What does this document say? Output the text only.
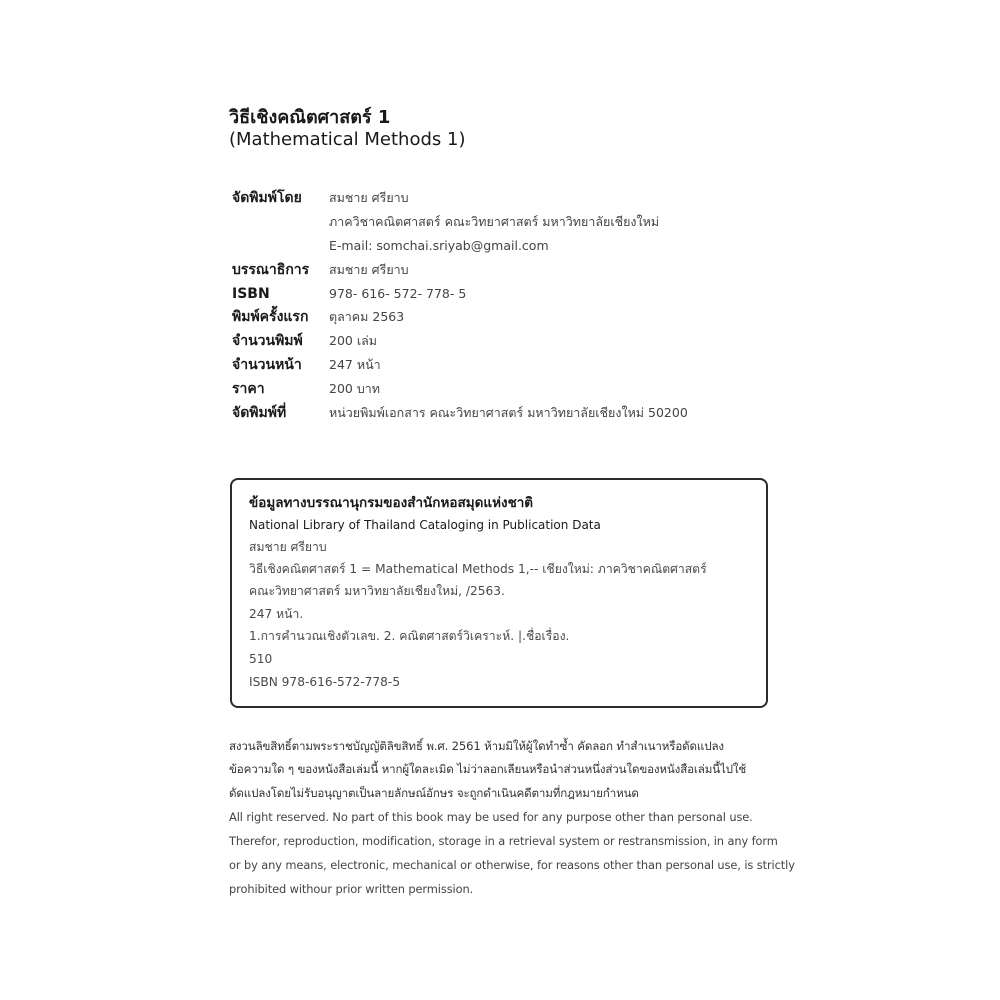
วิธีเชิงคณิตศาสตร์ 1
(Mathematical Methods 1)
จัดพิมพ์โดย	สมชาย ศรียาบ
ภาควิชาคณิตศาสตร์ คณะวิทยาศาสตร์ มหาวิทยาลัยเชียงใหม่
E-mail: somchai.sriyab@gmail.com
บรรณาธิการ	สมชาย ศรียาบ
ISBN	978- 616- 572- 778- 5
พิมพ์ครั้งแรก	ตุลาคม 2563
จำนวนพิมพ์	200 เล่ม
จำนวนหน้า	247 หน้า
ราคา	200 บาท
จัดพิมพ์ที่	หน่วยพิมพ์เอกสาร คณะวิทยาศาสตร์ มหาวิทยาลัยเชียงใหม่ 50200
ข้อมูลทางบรรณานุกรมของสำนักหอสมุดแห่งชาติ
National Library of Thailand Cataloging in Publication Data
สมชาย ศรียาบ
วิธีเชิงคณิตศาสตร์ 1 = Mathematical Methods 1,-- เชียงใหม่: ภาควิชาคณิตศาสตร์
คณะวิทยาศาสตร์ มหาวิทยาลัยเชียงใหม่, /2563.
247 หน้า.
1.การคำนวณเชิงตัวเลข. 2. คณิตศาสตร์วิเคราะห์. |.ชื่อเรื่อง.
510
ISBN 978-616-572-778-5
สงวนลิขสิทธิ์ตามพระราชบัญญัติลิขสิทธิ์ พ.ศ. 2561 ห้ามมิให้ผู้ใดทำซ้ำ คัดลอก ทำสำเนาหรือดัดแปลง
ข้อความใด ๆ ของหนังสือเล่มนี้ หากผู้ใดละเมิด ไม่ว่าลอกเลียนหรือนำส่วนหนึ่งส่วนใดของหนังสือเล่มนี้ไปใช้
ดัดแปลงโดยไม่รับอนุญาตเป็นลายลักษณ์อักษร จะถูกดำเนินคดีตามที่กฎหมายกำหนด
All right reserved. No part of this book may be used for any purpose other than personal use.
Therefor, reproduction, modification, storage in a retrieval system or restransmission, in any form
or by any means, electronic, mechanical or otherwise, for reasons other than personal use, is strictly
prohibited withour prior written permission.
